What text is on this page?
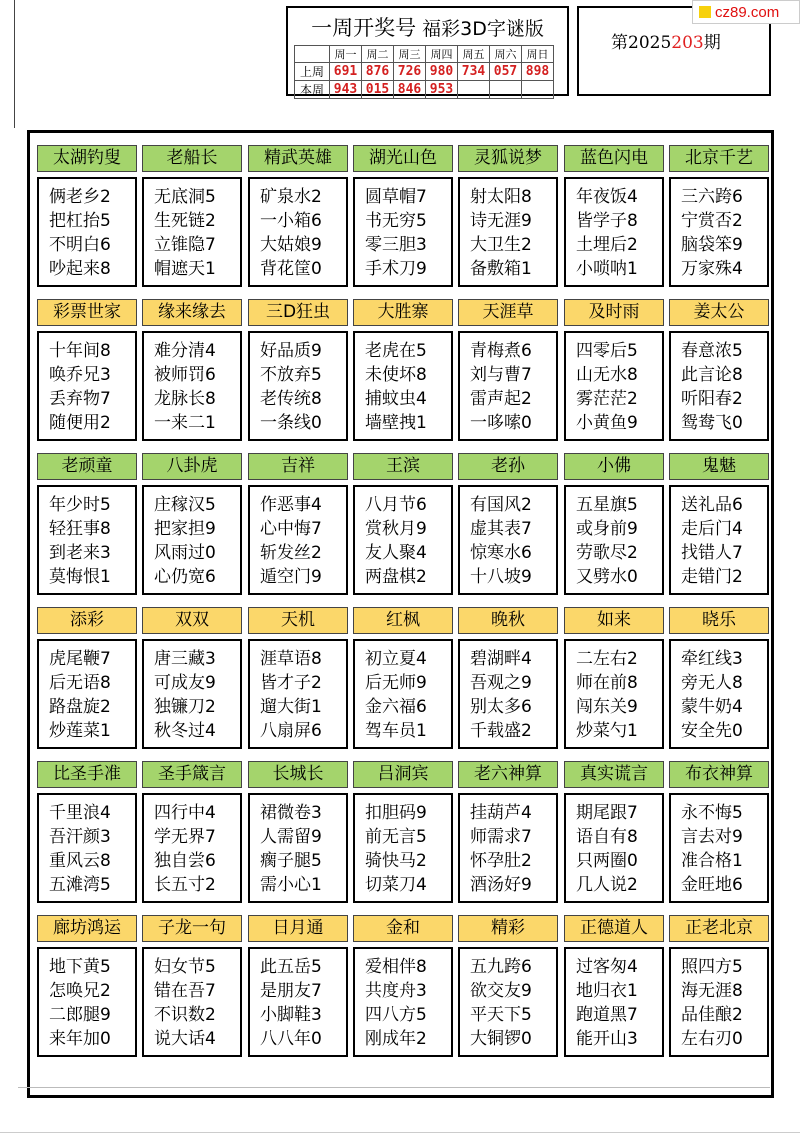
一周开奖号 福彩3D字谜版
	周一	周二	周三	周四	周五	周六	周日
上周	691	876	726	980	734	057	898
本周	943	015	846	953			
第2025203期
cz89.com
太湖钓叟
俩老乡2
把杠抬5
不明白6
吵起来8
老船长
无底洞5
生死链2
立锥隐7
帽遮天1
精武英雄
矿泉水2
一小箱6
大姑娘9
背花筐0
湖光山色
圆草帽7
书无穷5
零三胆3
手术刀9
灵狐说梦
射太阳8
诗无涯9
大卫生2
备敷箱1
蓝色闪电
年夜饭4
皆学子8
土埋后2
小唢呐1
北京千艺
三六跨6
宁赏否2
脑袋笨9
万家殊4
彩票世家
十年间8
唤乔兄3
丢弃物7
随便用2
缘来缘去
难分清4
被师罚6
龙脉长8
一来二1
三D狂虫
好品质9
不放弃5
老传统8
一条线0
大胜寨
老虎在5
未使坏8
捕蚊虫4
墙壁拽1
天涯草
青梅煮6
刘与曹7
雷声起2
一哆嗦0
及时雨
四零后5
山无水8
雾茫茫2
小黄鱼9
姜太公
春意浓5
此言论8
听阳春2
鸳鸯飞0
老顽童
年少时5
轻狂事8
到老来3
莫悔恨1
八卦虎
庄稼汉5
把家担9
风雨过0
心仍宽6
吉祥
作恶事4
心中悔7
斩发丝2
遁空门9
王滨
八月节6
赏秋月9
友人聚4
两盘棋2
老孙
有国风2
虚其表7
惊寒水6
十八坡9
小佛
五星旗5
或身前9
劳歌尽2
又劈水0
鬼魅
送礼品6
走后门4
找错人7
走错门2
添彩
虎尾鞭7
后无语8
路盘旋2
炒莲菜1
双双
唐三藏3
可成友9
独镰刀2
秋冬过4
天机
涯草语8
皆才子2
遛大街1
八扇屏6
红枫
初立夏4
后无师9
金六福6
驾车员1
晚秋
碧湖畔4
吾观之9
别太多6
千载盛2
如来
二左右2
师在前8
闯东关9
炒菜勺1
晓乐
牵红线3
旁无人8
蒙牛奶4
安全先0
比圣手准
千里浪4
吾汗颜3
重风云8
五滩湾5
圣手箴言
四行中4
学无界7
独自尝6
长五寸2
长城长
裙微卷3
人需留9
瘸子腿5
需小心1
吕洞宾
扣胆码9
前无言5
骑快马2
切菜刀4
老六神算
挂葫芦4
师需求7
怀孕肚2
酒汤好9
真实谎言
期尾跟7
语自有8
只两圈0
几人说2
布衣神算
永不悔5
言去对9
准合格1
金旺地6
廊坊鸿运
地下黄5
怎唤兄2
二郎腿9
来年加0
子龙一句
妇女节5
错在吾7
不识数2
说大话4
日月通
此五岳5
是朋友7
小脚鞋3
八八年0
金和
爱相伴8
共度舟3
四八方5
刚成年2
精彩
五九跨6
欲交友9
平天下5
大铜锣0
正德道人
过客匆4
地归衣1
跑道黑7
能开山3
正老北京
照四方5
海无涯8
品佳酿2
左右刃0
